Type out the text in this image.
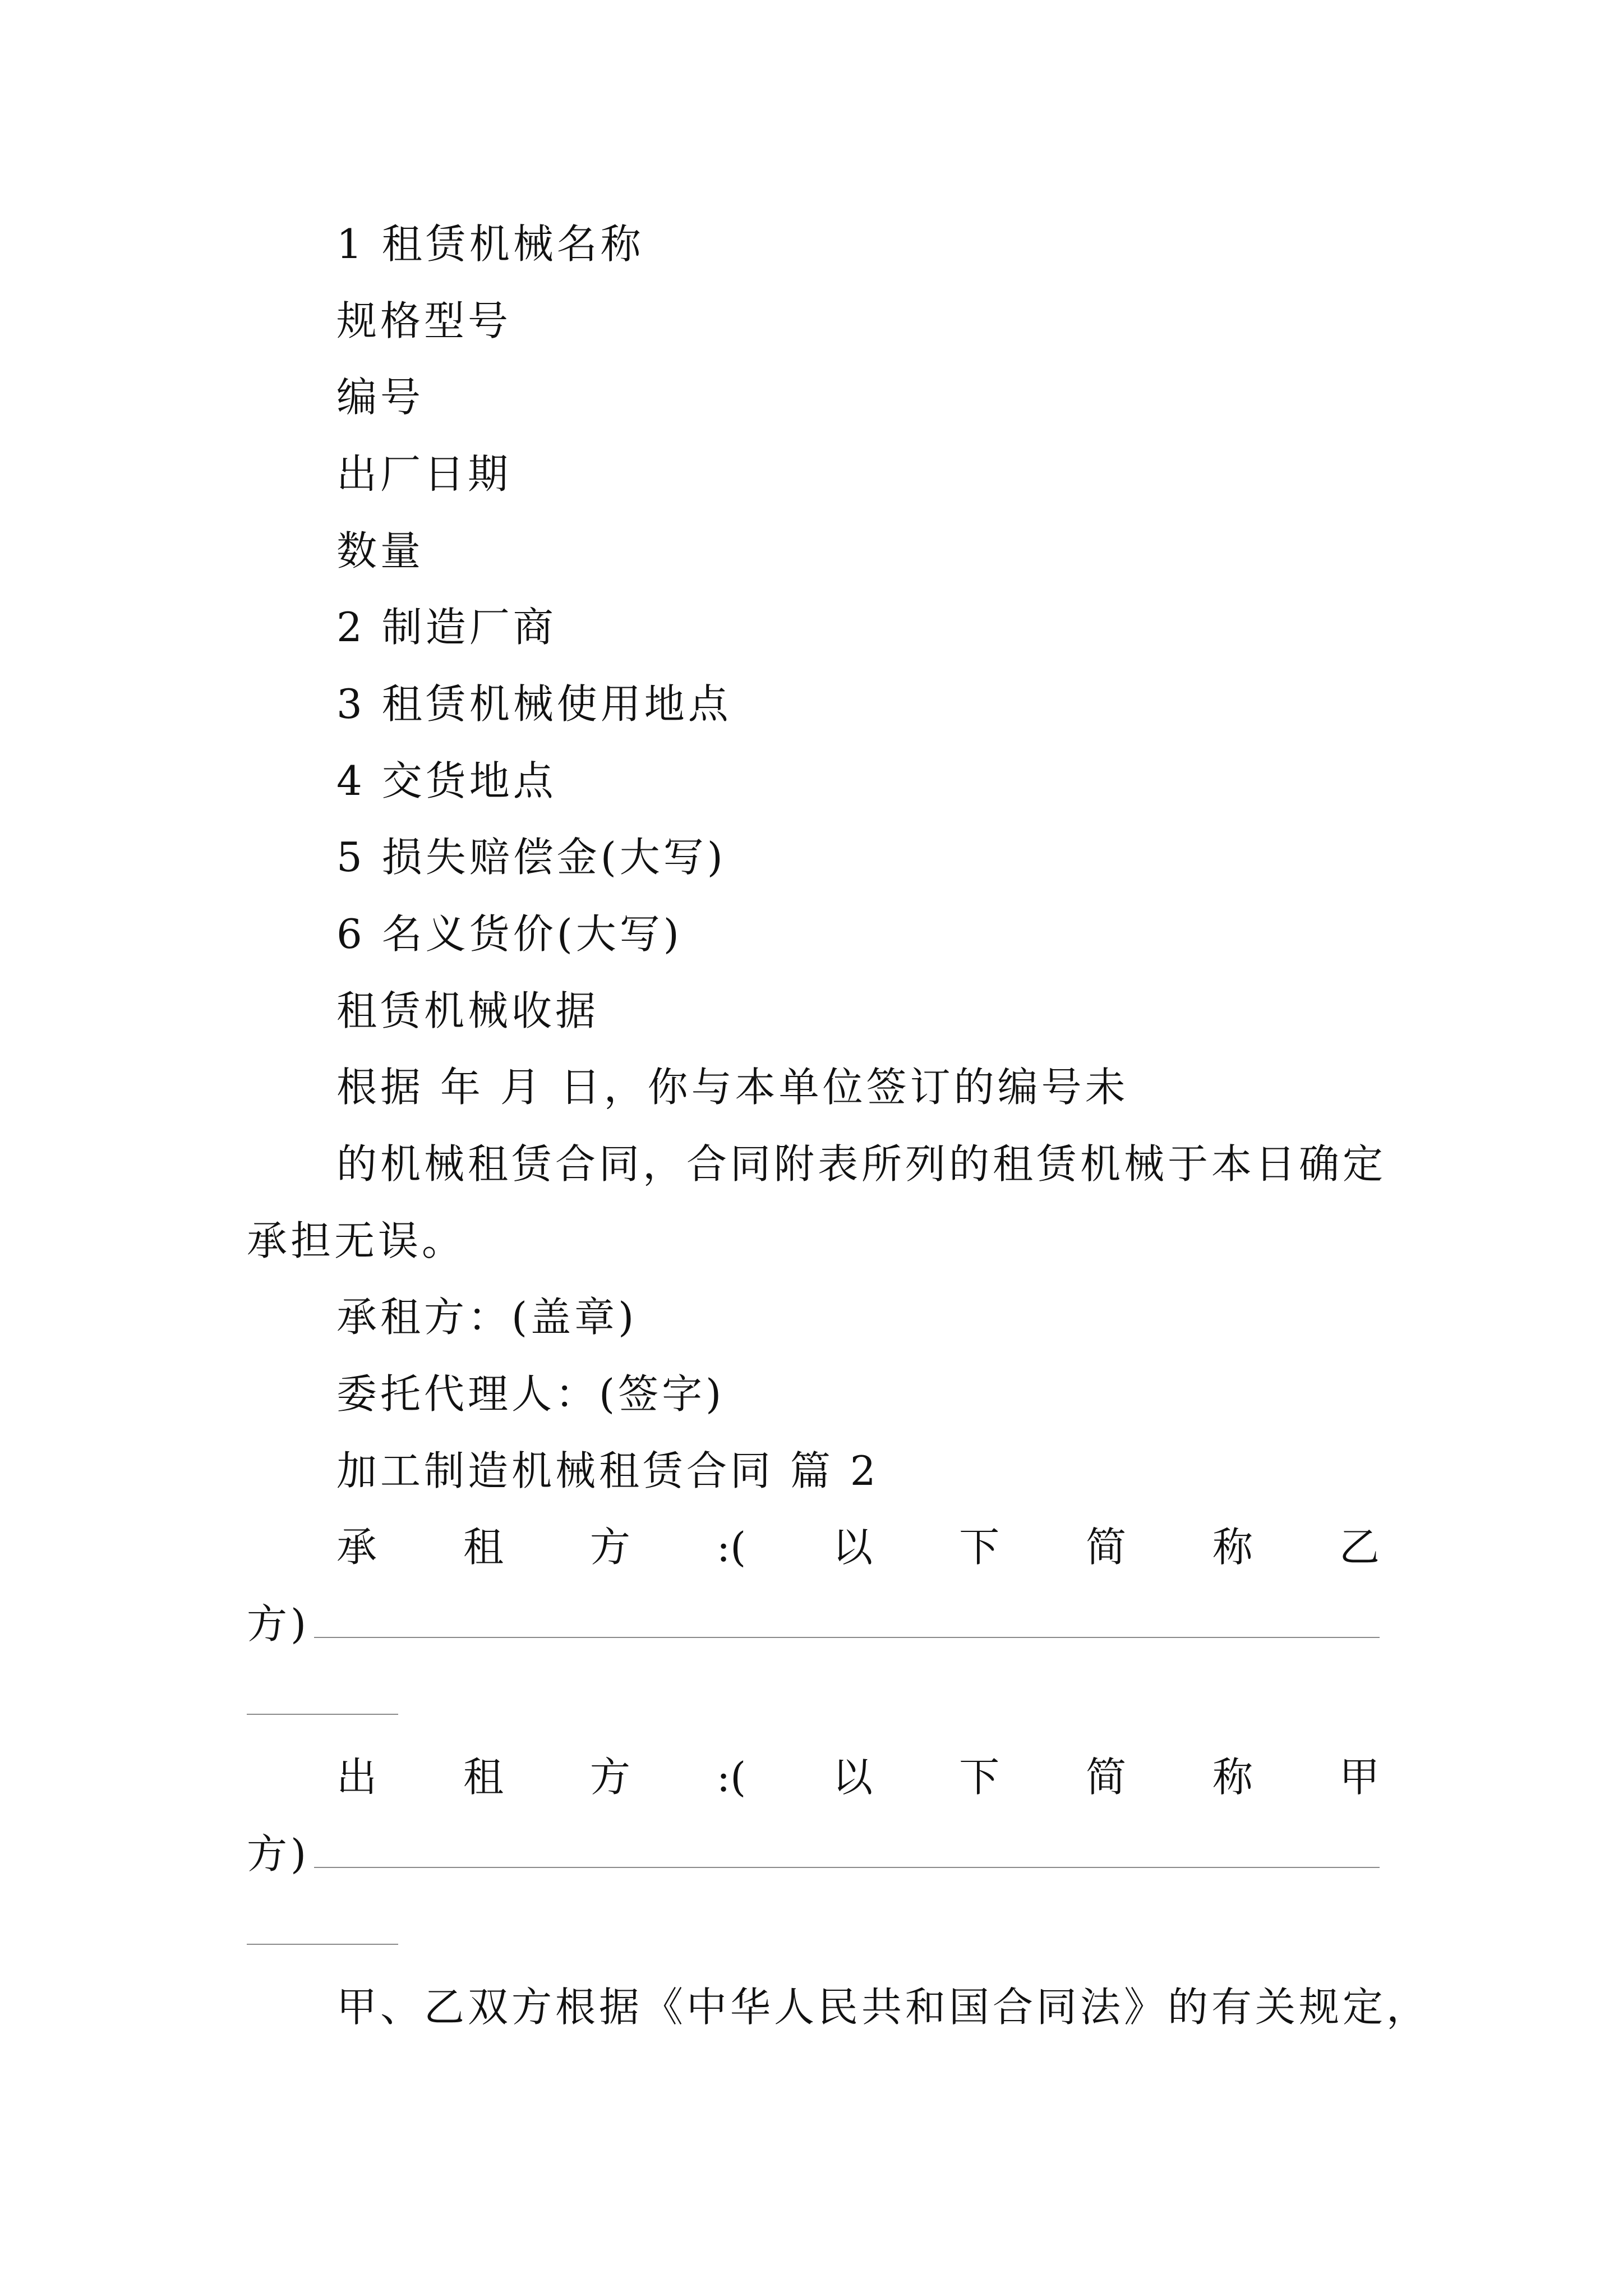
1 租赁机械名称
规格型号
编号
出厂日期
数量
2 制造厂商
3 租赁机械使用地点
4 交货地点
5 损失赔偿金(大写)
6 名义货价(大写)
租赁机械收据
根据 年 月 日，你与本单位签订的编号未
的机械租赁合同，合同附表所列的租赁机械于本日确定
承担无误。
承租方：(盖章)
委托代理人：(签字)
加工制造机械租赁合同 篇 2
承 租 方 :( 以 下 简 称 乙
方)
出 租 方 :( 以 下 简 称 甲
方)
甲、乙双方根据《中华人民共和国合同法》的有关规定，
